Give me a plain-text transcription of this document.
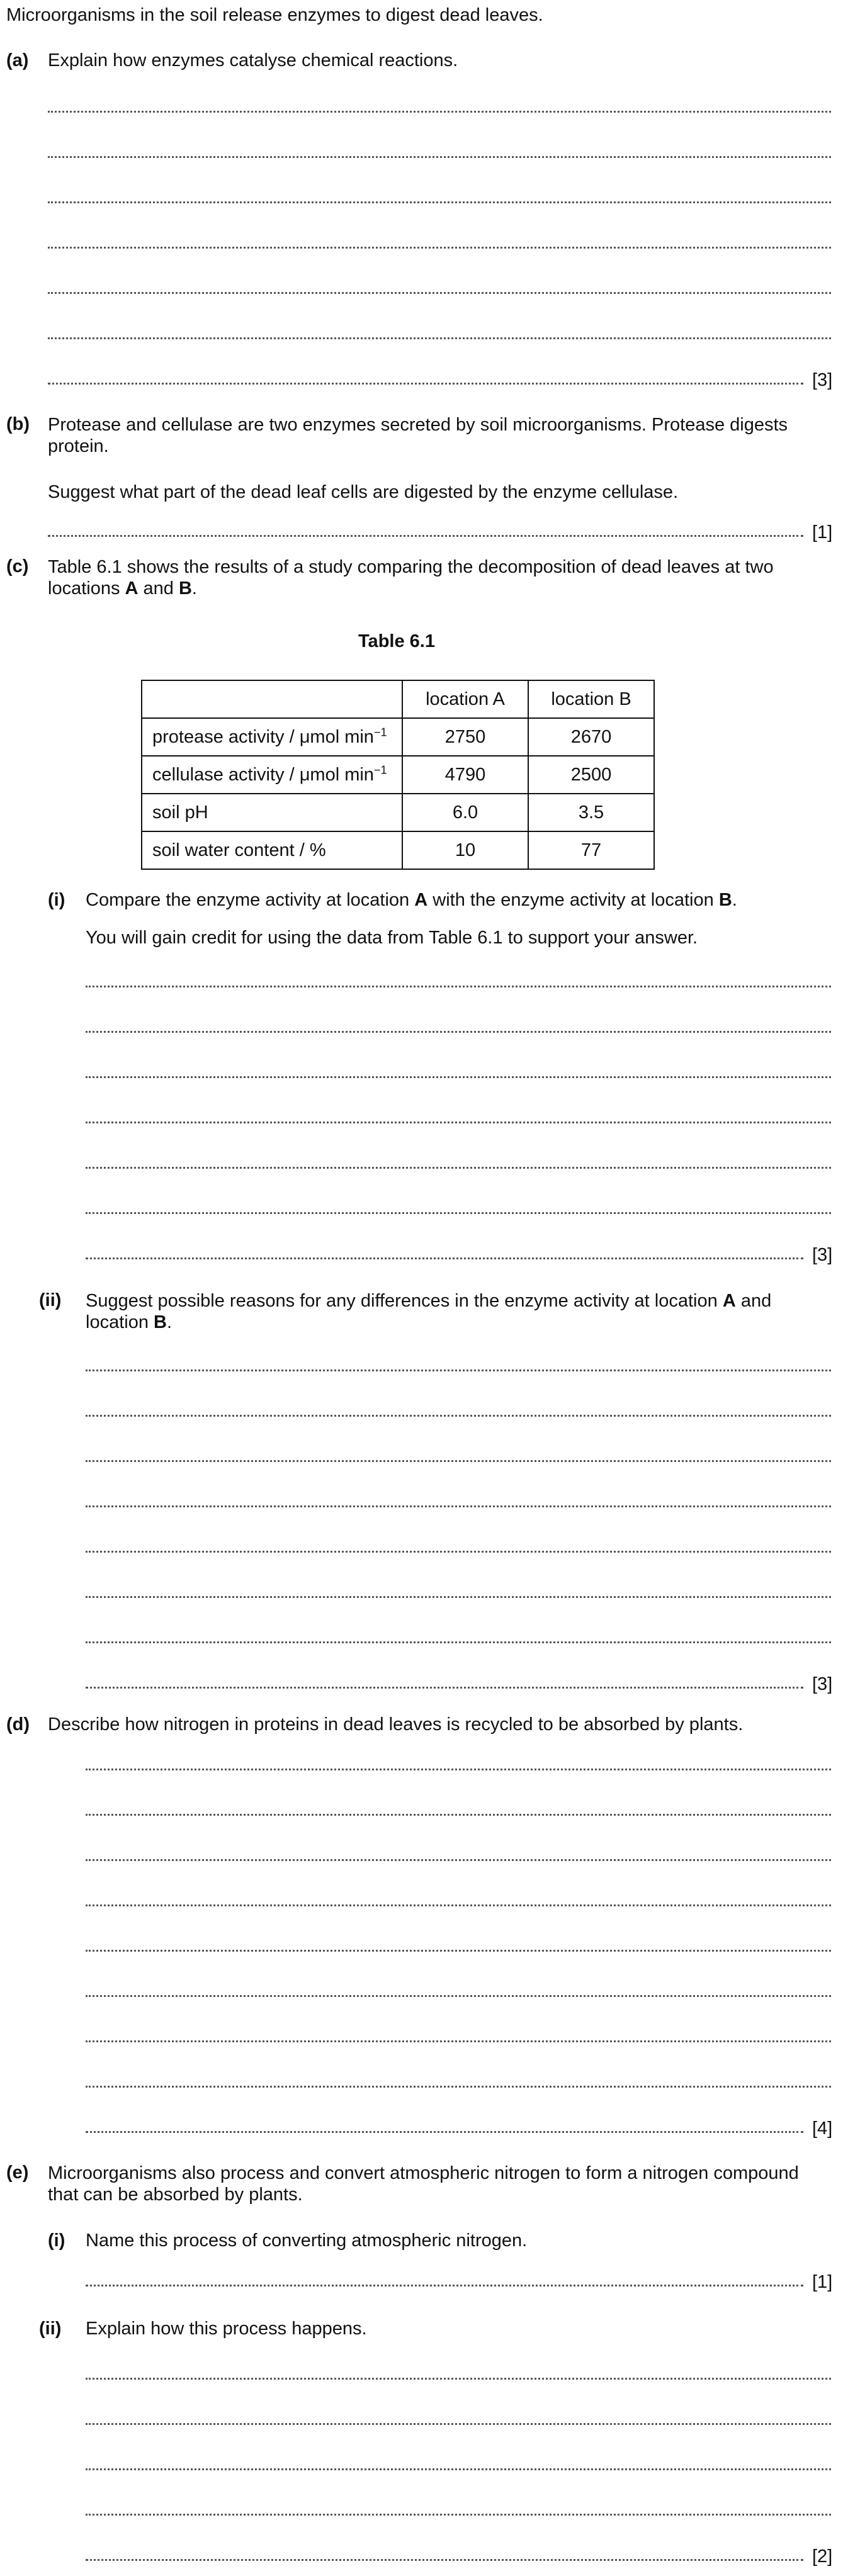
Microorganisms in the soil release enzymes to digest dead leaves.
(a) Explain how enzymes catalyse chemical reactions.
[3]
(b) Protease and cellulase are two enzymes secreted by soil microorganisms. Protease digests protein.
Suggest what part of the dead leaf cells are digested by the enzyme cellulase.
[1]
(c) Table 6.1 shows the results of a study comparing the decomposition of dead leaves at two locations A and B.
Table 6.1
	location A	location B
protease activity / μmol $\min^{-1}$	2750	2670
cellulase activity / μmol $\min^{-1}$	4790	2500
soil pH	6.0	3.5
soil water content / %	10	77
(i) Compare the enzyme activity at location A with the enzyme activity at location B.
You will gain credit for using the data from Table 6.1 to support your answer.
[3]
(ii) Suggest possible reasons for any differences in the enzyme activity at location A and location B.
[3]
(d) Describe how nitrogen in proteins in dead leaves is recycled to be absorbed by plants.
[4]
(e) Microorganisms also process and convert atmospheric nitrogen to form a nitrogen compound that can be absorbed by plants.
(i) Name this process of converting atmospheric nitrogen.
[1]
(ii) Explain how this process happens.
[2]
